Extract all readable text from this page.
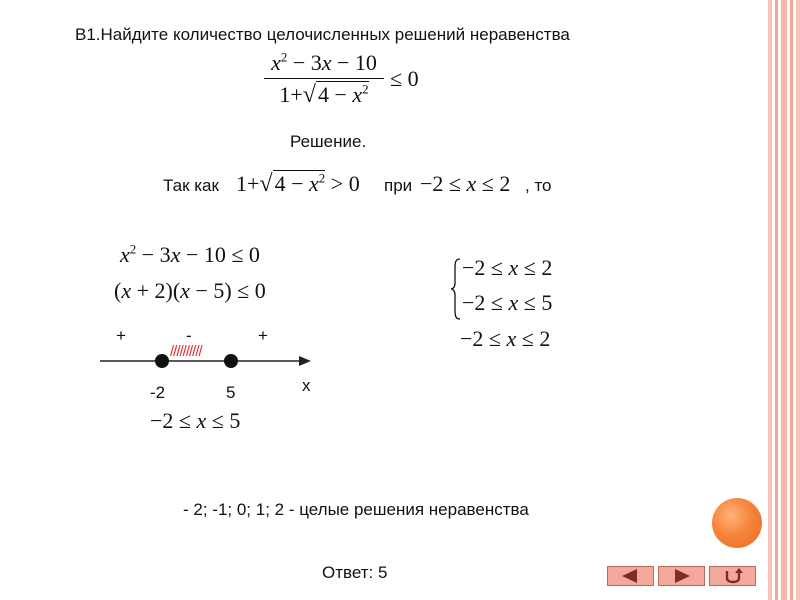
В1.Найдите количество целочисленных решений неравенства
$x^2 - 3x - 10$
$1+√4 - x^2 \le 0$
Решение.
Так как $1+√4 - x^2 > 0$ при −2 ≤ x ≤ 2 , то
$x^2 - 3x - 10 \le 0$
(x + 2)(x − 5) ≤ 0
+	-	+
//////////
-2	5	x
−2 ≤ x ≤ 5
−2 ≤ x ≤ 2
−2 ≤ x ≤ 5
−2 ≤ x ≤ 2
- 2; -1; 0; 1; 2 - целые решения неравенства
Ответ: 5
